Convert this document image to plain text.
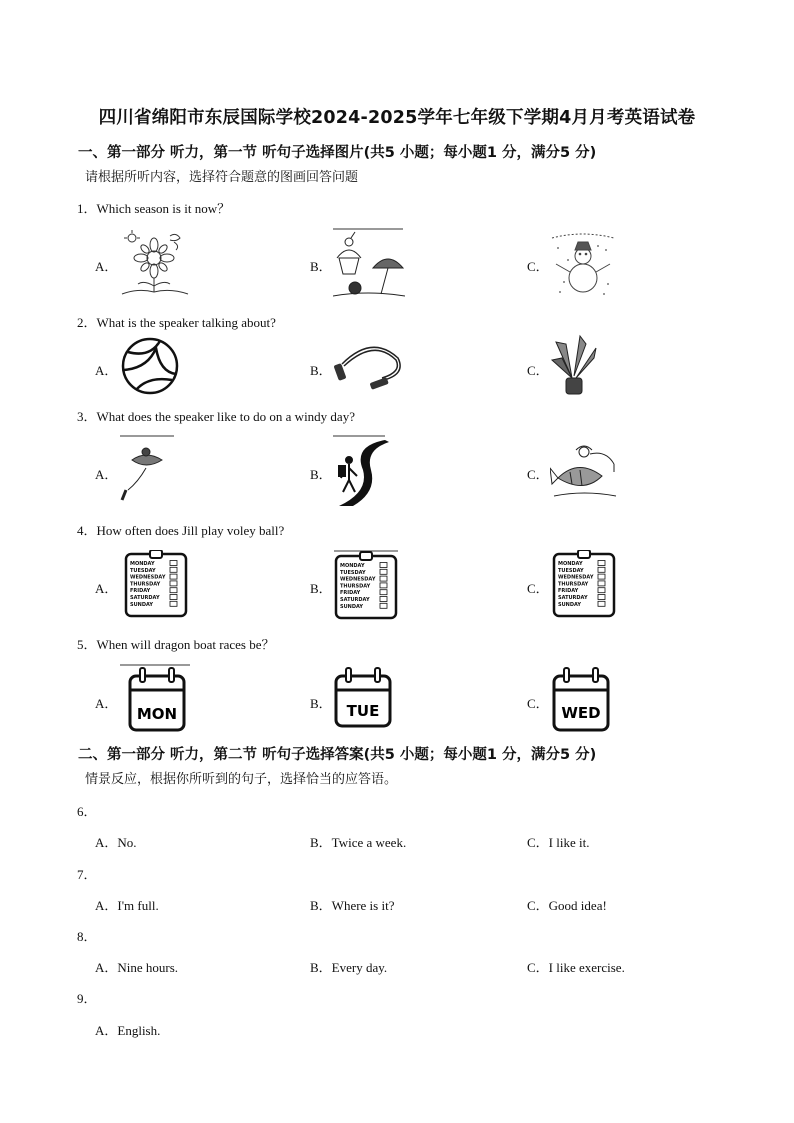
四川省绵阳市东辰国际学校2024-2025学年七年级下学期4月月考英语试卷
一、第一部分 听力，第一节 听句子选择图片(共5 小题；每小题1 分，满分5 分)
请根据所听内容，选择符合题意的图画回答问题
1．Which season is it now？
A．	B．	C．
2．What is the speaker talking about?
A．	B．	C．
3．What does the speaker like to do on a windy day?
A．	B．	C．
4．How often does Jill play voley ball?
A．	B．	C．
MONDAY
TUESDAY
WEDNESDAY
THURSDAY
FRIDAY
SATURDAY
SUNDAY
MONDAY
TUESDAY
WEDNESDAY
THURSDAY
FRIDAY
SATURDAY
SUNDAY
MONDAY
TUESDAY
WEDNESDAY
THURSDAY
FRIDAY
SATURDAY
SUNDAY
5．When will dragon boat races be？
A．	B．	C．
MON	TUE	WED
二、第一部分 听力，第二节 听句子选择答案(共5 小题；每小题1 分，满分5 分)
情景反应，根据你所听到的句子，选择恰当的应答语。
6．
A．No.	B．Twice a week.	C．I like it.
7．
A．I'm full.	B．Where is it?	C．Good idea!
8．
A．Nine hours.	B．Every day.	C．I like exercise.
9．
A．English.
